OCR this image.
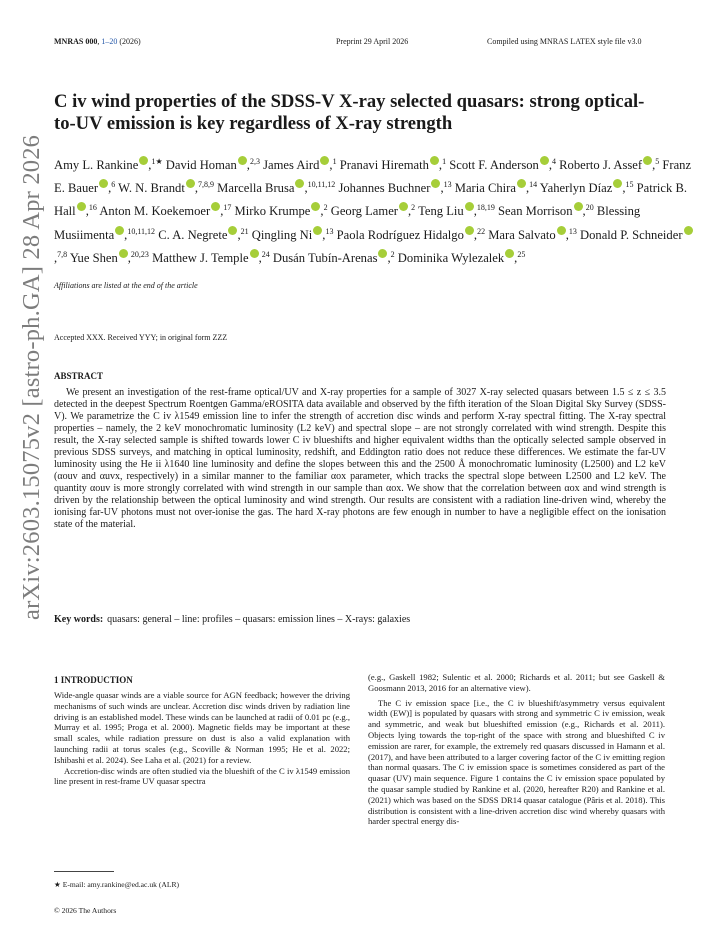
MNRAS 000, 1–20 (2026)	Preprint 29 April 2026	Compiled using MNRAS LATEX style file v3.0
arXiv:2603.15075v2 [astro-ph.GA] 28 Apr 2026
C iv wind properties of the SDSS-V X-ray selected quasars: strong optical-to-UV emission is key regardless of X-ray strength
Amy L. Rankine ,$^{1★}$ David Homan ,$^{2,3}$ James Aird ,$^1$ Pranavi Hiremath ,$^1$ Scott F. Anderson ,$^4$ Roberto J. Assef ,$^5$ Franz E. Bauer ,$^6$ W. N. Brandt ,$^{7,8,9}$ Marcella Brusa ,$^{10,11,12}$ Johannes Buchner ,$^{13}$ Maria Chira ,$^{14}$ Yaherlyn Díaz ,$^{15}$ Patrick B. Hall ,$^{16}$ Anton M. Koekemoer ,$^{17}$ Mirko Krumpe ,$^2$ Georg Lamer ,$^2$ Teng Liu ,$^{18,19}$ Sean Morrison ,$^{20}$ Blessing Musiimenta ,$^{10,11,12}$ C. A. Negrete ,$^{21}$ Qingling Ni ,$^{13}$ Paola Rodríguez Hidalgo ,$^{22}$ Mara Salvato ,$^{13}$ Donald P. Schneider,$^{7,8}$ Yue Shen ,$^{20,23}$ Matthew J. Temple ,$^{24}$ Dusán Tubín-Arenas ,$^2$ Dominika Wylezalek ,$^{25}$
Affiliations are listed at the end of the article
Accepted XXX. Received YYY; in original form ZZZ
ABSTRACT
We present an investigation of the rest-frame optical/UV and X-ray properties for a sample of 3027 X-ray selected quasars between 1.5 ≤ z ≤ 3.5 detected in the deepest Spectrum Roentgen Gamma/eROSITA data available and observed by the fifth iteration of the Sloan Digital Sky Survey (SDSS-V). We parametrize the C iv λ1549 emission line to infer the strength of accretion disc winds and perform X-ray spectral fitting. The X-ray spectral properties – namely, the 2 keV monochromatic luminosity (L2 keV) and spectral slope – are not strongly correlated with wind strength. Despite this result, the X-ray selected sample is shifted towards lower C iv blueshifts and higher equivalent widths than the optically selected sample observed in previous SDSS surveys, and matching in optical luminosity, redshift, and Eddington ratio does not reduce these differences. We estimate the far-UV luminosity using the He ii λ1640 line luminosity and define the slopes between this and the 2500 Å monochromatic luminosity (L2500) and L2 keV (αouv and αuvx, respectively) in a similar manner to the familiar αox parameter, which tracks the spectral slope between L2500 and L2 keV. The quantity αouv is more strongly correlated with wind strength in our sample than αox. We show that the correlation between αox and wind strength is driven by the relationship between the optical luminosity and wind strength. Our results are consistent with a radiation line-driven wind, whereby the ionising far-UV photons must not over-ionise the gas. The hard X-ray photons are few enough in number to have a negligible effect on the ionisation state of the material.
Key words: quasars: general – line: profiles – quasars: emission lines – X-rays: galaxies
1 INTRODUCTION

Wide-angle quasar winds are a viable source for AGN feedback; however the driving mechanisms of such winds are unclear. Accretion disc winds driven by radiation line driving is an established model. These winds can be launched at radii of 0.01 pc (e.g., Murray et al. 1995; Proga et al. 2000). Magnetic fields may be important at these small scales, while radiation pressure on dust is also a valid explanation with launching radii at torus scales (e.g., Scoville & Norman 1995; He et al. 2022; Ishibashi et al. 2024). See Laha et al. (2021) for a review.

Accretion-disc winds are often studied via the blueshift of the C iv λ1549 emission line present in rest-frame UV quasar spectra

(e.g., Gaskell 1982; Sulentic et al. 2000; Richards et al. 2011; but see Gaskell & Goosmann 2013, 2016 for an alternative view).

The C iv emission space [i.e., the C iv blueshift/asymmetry versus equivalent width (EW)] is populated by quasars with strong and symmetric C iv emission, weak and symmetric, and weak but blueshifted emission (e.g., Richards et al. 2011). Objects lying towards the top-right of the space with strong and blueshifted C iv emission are rarer, for example, the extremely red quasars discussed in Hamann et al. (2017), and have been attributed to a larger covering factor of the C iv emitting region than normal quasars. The C iv emission space is sometimes considered as part of the quasar (UV) main sequence. Figure 1 contains the C iv emission space populated by the quasar sample studied by Rankine et al. (2020, hereafter R20) and Rankine et al. (2021) which was based on the SDSS DR14 quasar catalogue (Pâris et al. 2018). This distribution is consistent with a line-driven accretion disc wind whereby quasars with harder spectral energy dis-

★ E-mail: amy.rankine@ed.ac.uk (ALR)
© 2026 The Authors
